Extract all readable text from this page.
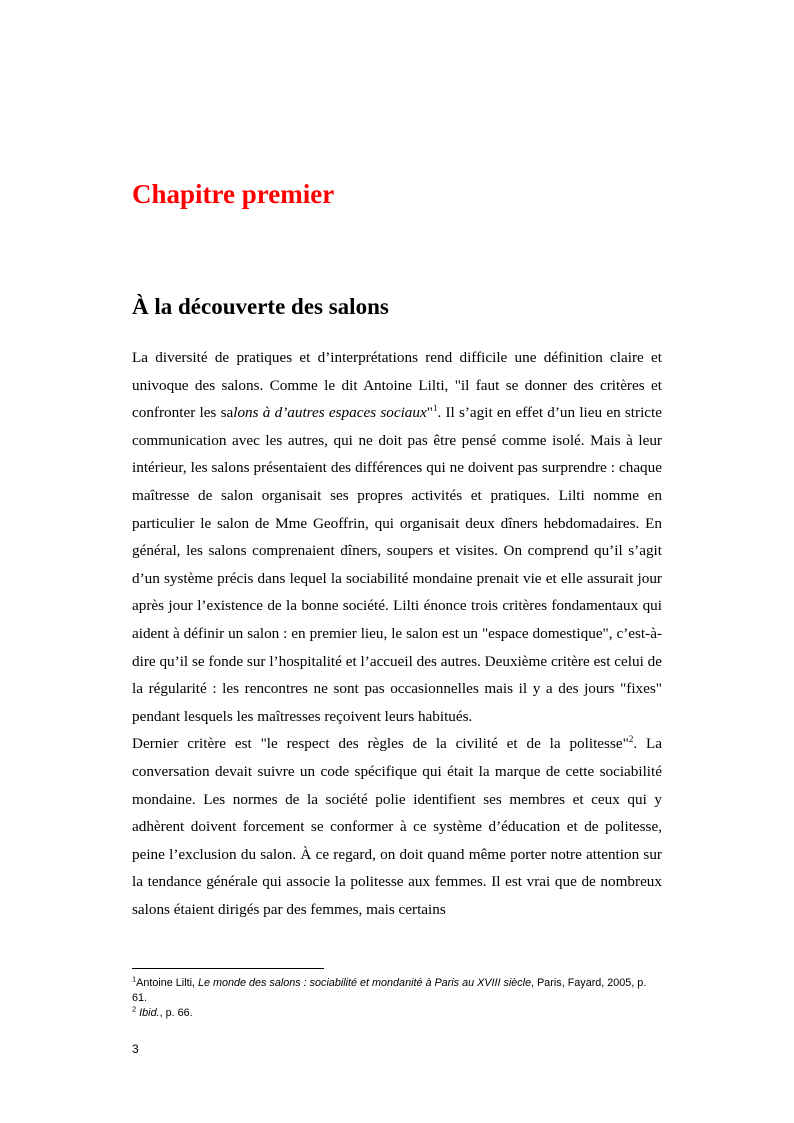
Chapitre premier
À la découverte des salons

La diversité de pratiques et d’interprétations rend difficile une définition claire et univoque des salons. Comme le dit Antoine Lilti, "il faut se donner des critères et confronter les salons à d’autres espaces sociaux"$^1$. Il s’agit en effet d’un lieu en stricte communication avec les autres, qui ne doit pas être pensé comme isolé. Mais à leur intérieur, les salons présentaient des différences qui ne doivent pas surprendre : chaque maîtresse de salon organisait ses propres activités et pratiques. Lilti nomme en particulier le salon de Mme Geoffrin, qui organisait deux dîners hebdomadaires. En général, les salons comprenaient dîners, soupers et visites. On comprend qu’il s’agit d’un système précis dans lequel la sociabilité mondaine prenait vie et elle assurait jour après jour l’existence de la bonne société. Lilti énonce trois critères fondamentaux qui aident à définir un salon : en premier lieu, le salon est un "espace domestique", c’est-à-dire qu’il se fonde sur l’hospitalité et l’accueil des autres. Deuxième critère est celui de la régularité : les rencontres ne sont pas occasionnelles mais il y a des jours "fixes" pendant lesquels les maîtresses reçoivent leurs habitués.

Dernier critère est "le respect des règles de la civilité et de la politesse"$^2$. La conversation devait suivre un code spécifique qui était la marque de cette sociabilité mondaine. Les normes de la société polie identifient ses membres et ceux qui y adhèrent doivent forcement se conformer à ce système d’éducation et de politesse, peine l’exclusion du salon. À ce regard, on doit quand même porter notre attention sur la tendance générale qui associe la politesse aux femmes. Il est vrai que de nombreux salons étaient dirigés par des femmes, mais certains

$^1$Antoine Lilti, Le monde des salons : sociabilité et mondanité à Paris au XVIII siècle, Paris, Fayard, 2005, p. 61.

$^2$ Ibid., p. 66.

3
